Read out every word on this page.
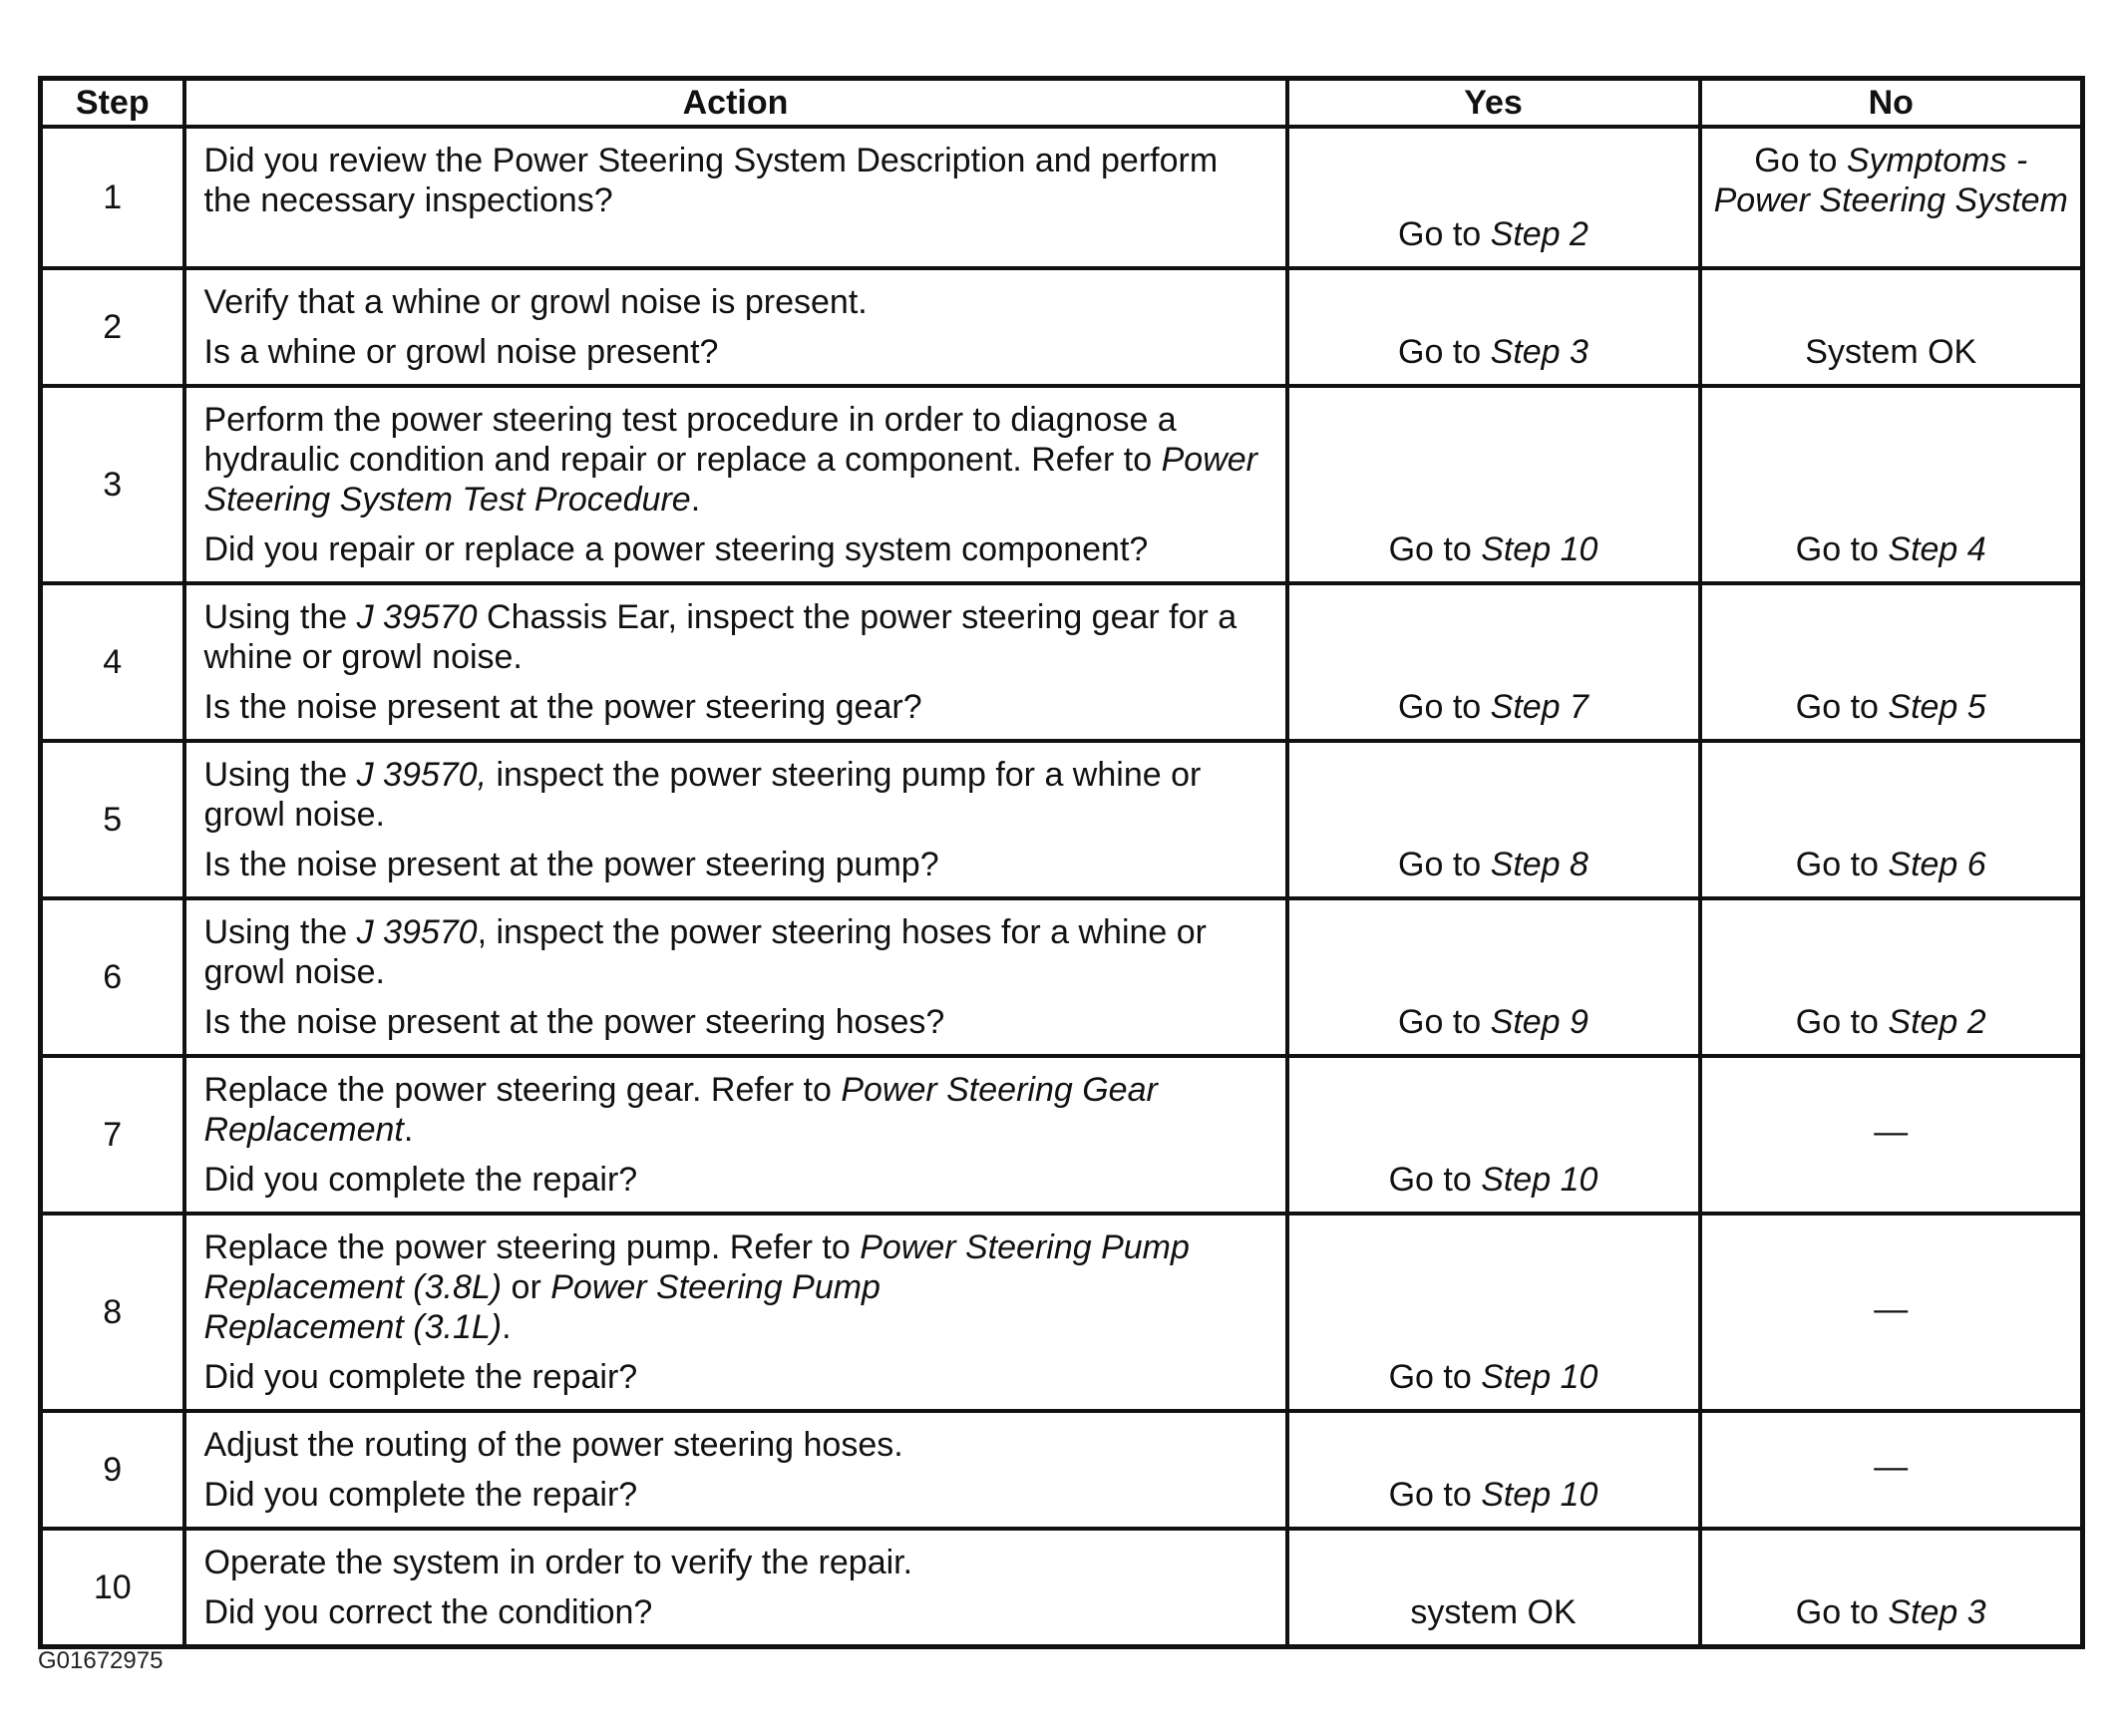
Step	Action	Yes	No
1	Did you review the Power Steering System Description and perform the necessary inspections?	Go to Step 2	Go to Symptoms - Power Steering System
2	Verify that a whine or growl noise is present.
Is a whine or growl noise present?	Go to Step 3	System OK
3	Perform the power steering test procedure in order to diagnose a hydraulic condition and repair or replace a component. Refer to Power Steering System Test Procedure.
Did you repair or replace a power steering system component?	Go to Step 10	Go to Step 4
4	Using the J 39570 Chassis Ear, inspect the power steering gear for a whine or growl noise.
Is the noise present at the power steering gear?	Go to Step 7	Go to Step 5
5	Using the J 39570, inspect the power steering pump for a whine or growl noise.
Is the noise present at the power steering pump?	Go to Step 8	Go to Step 6
6	Using the J 39570, inspect the power steering hoses for a whine or growl noise.
Is the noise present at the power steering hoses?	Go to Step 9	Go to Step 2
7	Replace the power steering gear. Refer to Power Steering Gear Replacement.
Did you complete the repair?	Go to Step 10	—
8	Replace the power steering pump. Refer to Power Steering Pump
Replacement (3.8L) or Power Steering Pump
Replacement (3.1L).
Did you complete the repair?	Go to Step 10	—
9	Adjust the routing of the power steering hoses.
Did you complete the repair?	Go to Step 10	—
10	Operate the system in order to verify the repair.
Did you correct the condition?	system OK	Go to Step 3
G01672975
